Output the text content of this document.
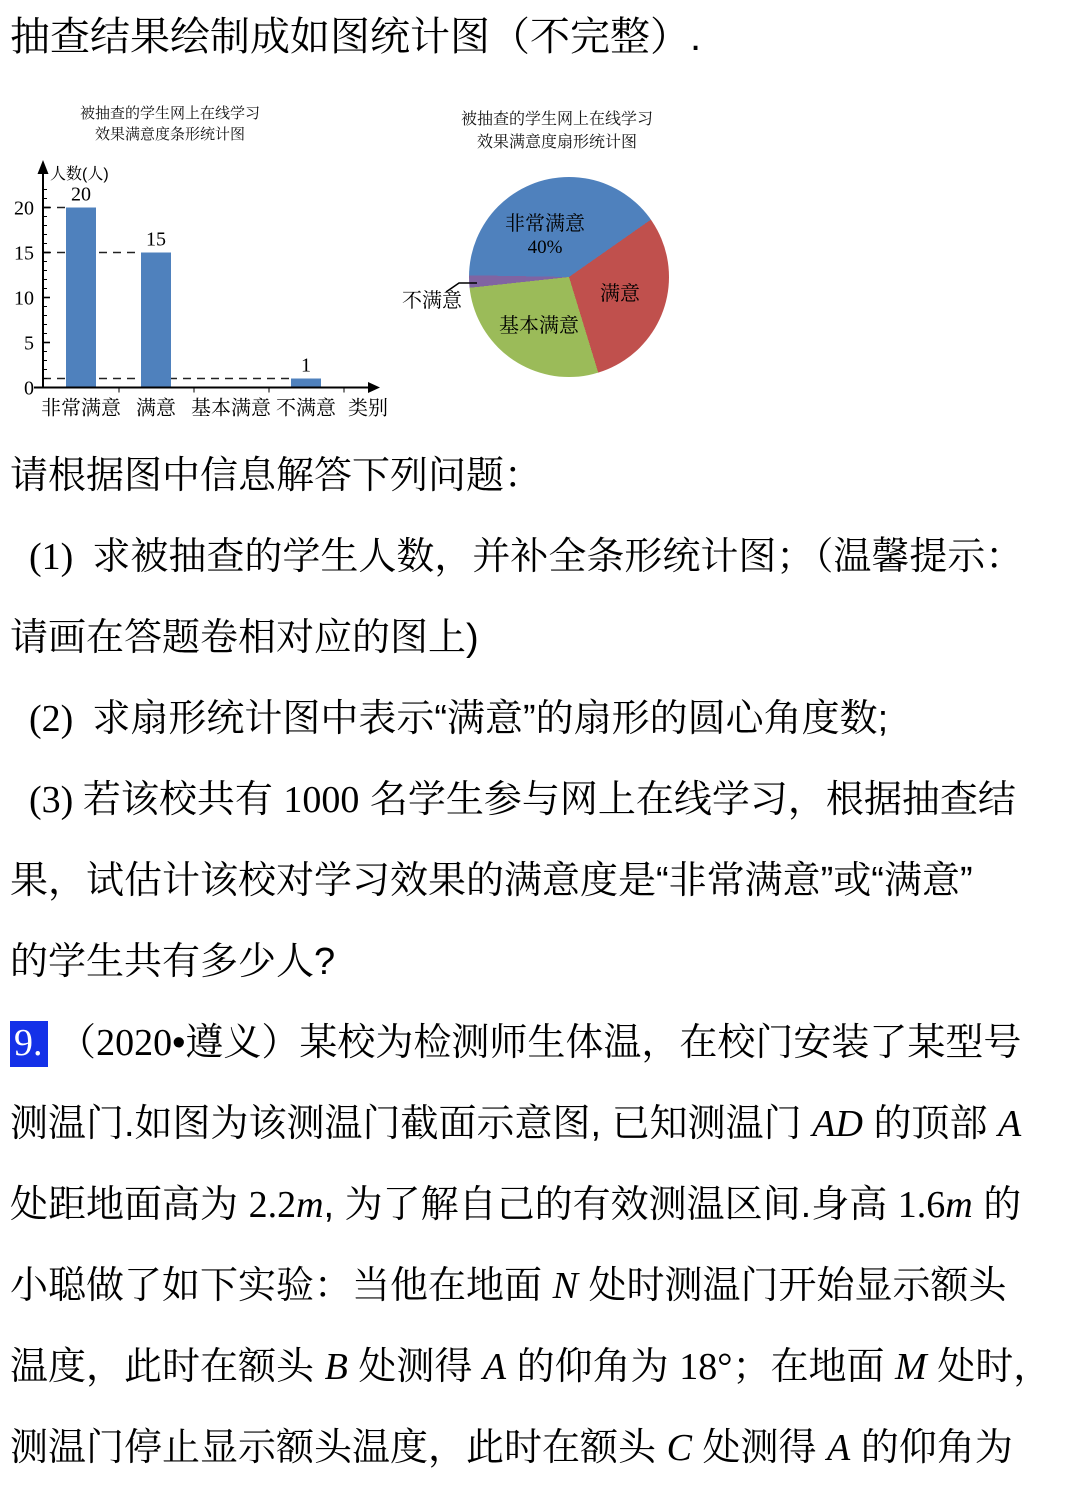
抽查结果绘制成如图统计图（不完整）.
被抽查的学生网上在线学习
效果满意度条形统计图
20
15
1
0
5
10
15
20
人数(人)
非常满意 满意 基本满意 不满意 类别
被抽查的学生网上在线学习
效果满意度扇形统计图
非常满意
40%
满意
基本满意
不满意
请根据图中信息解答下列问题：
(1)  求被抽查的学生人数，并补全条形统计图；（温馨提示：
请画在答题卷相对应的图上)
(2)  求扇形统计图中表示“满意”的扇形的圆心角度数;
(3) 若该校共有 1000 名学生参与网上在线学习，根据抽查结
果，试估计该校对学习效果的满意度是“非常满意”或“满意”
的学生共有多少人?
9. （2020•遵义）某校为检测师生体温，在校门安装了某型号
测温门.如图为该测温门截面示意图, 已知测温门 AD 的顶部 A
处距地面高为 2.2m, 为了解自己的有效测温区间.身高 1.6m 的
小聪做了如下实验：当他在地面 N 处时测温门开始显示额头
温度，此时在额头 B 处测得 A 的仰角为 18°；在地面 M 处时，
测温门停止显示额头温度，此时在额头 C 处测得 A 的仰角为
